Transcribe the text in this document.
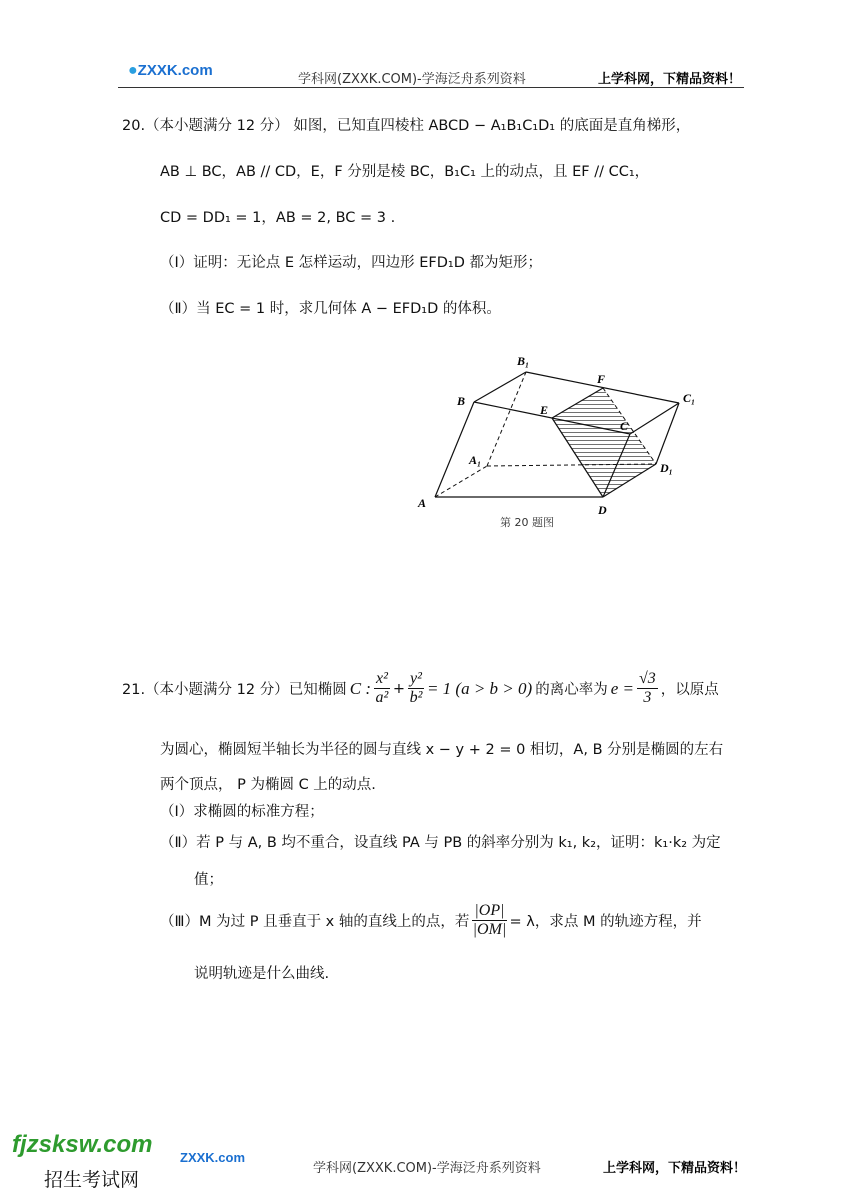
●ZXXK.com
学科网(ZXXK.COM)-学海泛舟系列资料	上学科网，下精品资料！
20.（本小题满分 12 分） 如图，已知直四棱柱 ABCD − A₁B₁C₁D₁ 的底面是直角梯形，
AB ⊥ BC，AB // CD，E，F 分别是棱 BC，B₁C₁ 上的动点，且 EF // CC₁，
CD = DD₁ = 1，AB = 2, BC = 3 .
（Ⅰ）证明：无论点 E 怎样运动，四边形 EFD₁D 都为矩形；
（Ⅱ）当 EC = 1 时，求几何体 A − EFD₁D 的体积。
B₁
F
B
E
C₁
C
A₁
D₁
A	D
第 20 题图
21.（本小题满分 12 分）已知椭圆 C : $\frac{\text{x²}}{\text{a²}} + \frac{\text{y²}}{\text{b²}} = 1$ (a > b > 0) 的离心率为 $e = \frac{√3}{3}$ ，以原点
为圆心，椭圆短半轴长为半径的圆与直线 x − y + 2 = 0 相切，A, B 分别是椭圆的左右
两个顶点， P 为椭圆 C 上的动点.
（Ⅰ）求椭圆的标准方程；
（Ⅱ）若 P 与 A, B 均不重合，设直线 PA 与 PB 的斜率分别为 k₁, k₂，证明：k₁·k₂ 为定
值；
（Ⅲ）M 为过 P 且垂直于 x 轴的直线上的点，若 $\frac{|OP|}{|OM|} = \lambda$，求点 M 的轨迹方程，并
说明轨迹是什么曲线.
fjzsksw.com
招生考试网
ZXXK.com
学科网(ZXXK.COM)-学海泛舟系列资料	上学科网，下精品资料！
